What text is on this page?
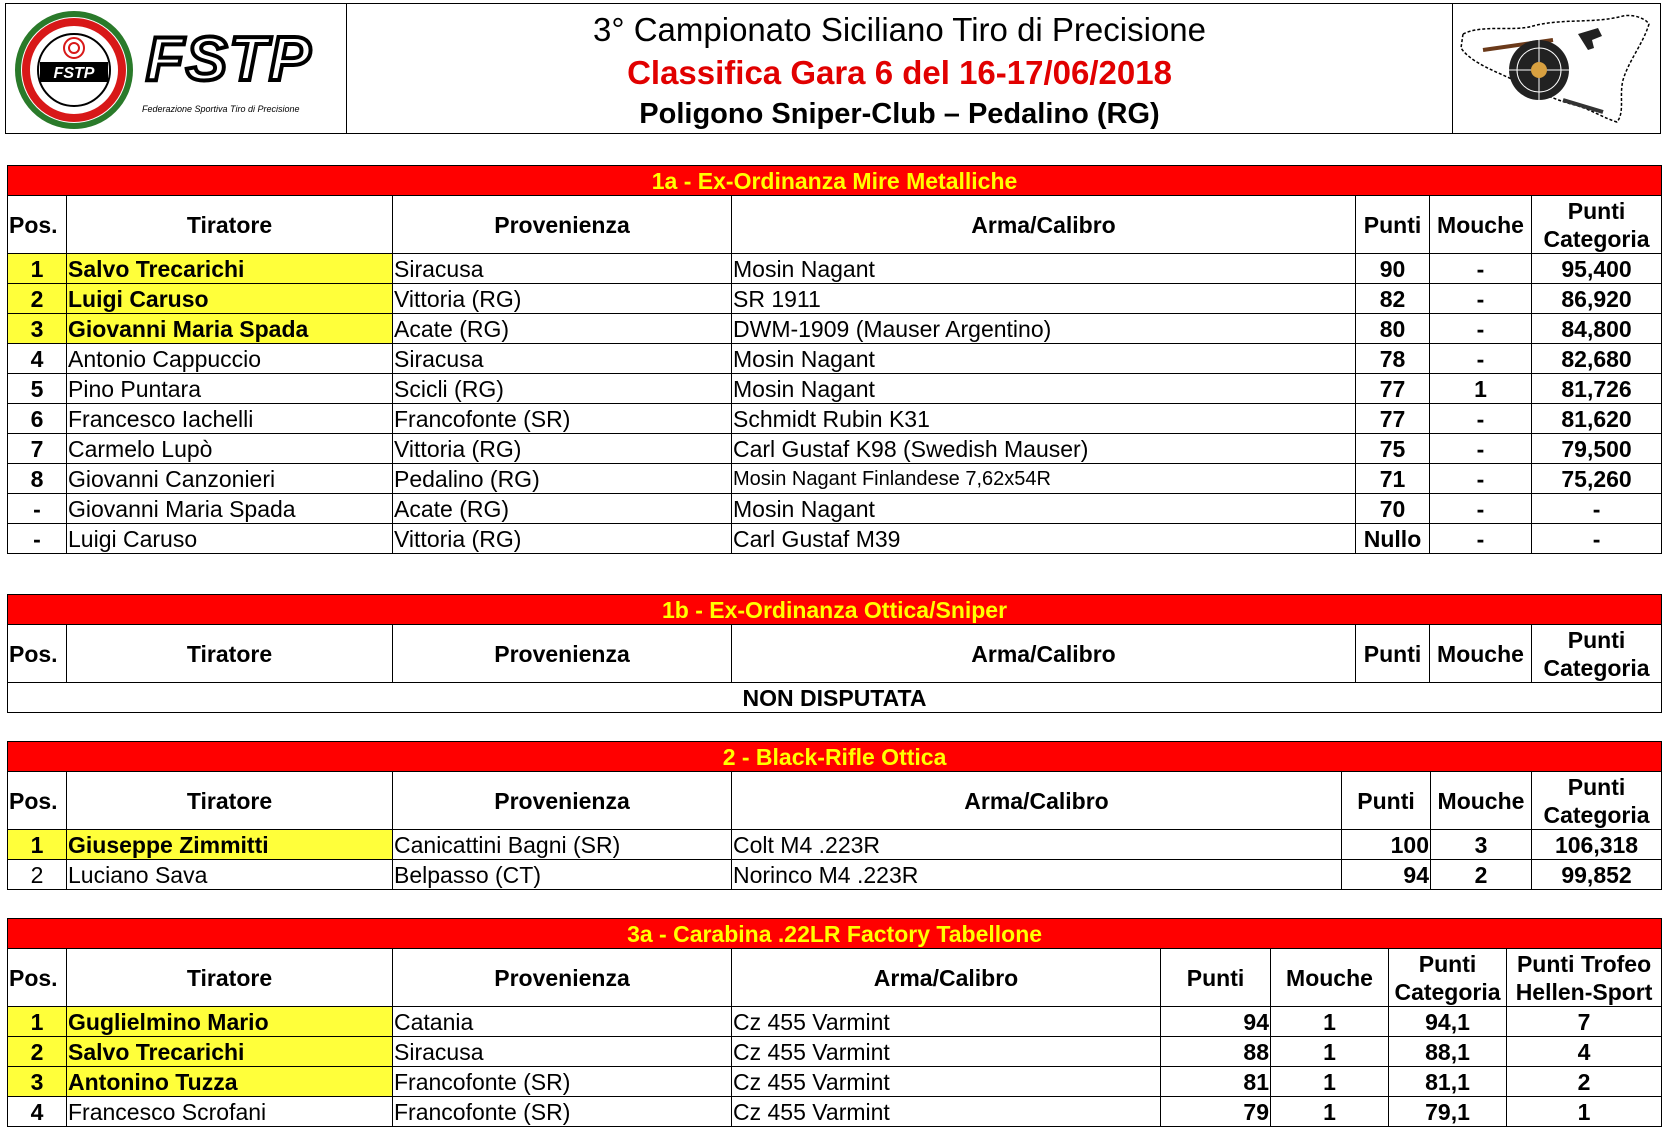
FSTP FSTP
Federazione Sportiva Tiro di Precisione
3° Campionato Siciliano Tiro di Precisione
Classifica Gara 6 del 16-17/06/2018
Poligono Sniper-Club – Pedalino (RG)
1a - Ex-Ordinanza Mire Metalliche						
Pos.	Tiratore	Provenienza	Arma/Calibro	Punti	Mouche	Punti
Categoria
1	Salvo Trecarichi	Siracusa	Mosin Nagant	90	-	95,400
2	Luigi Caruso	Vittoria (RG)	SR 1911	82	-	86,920
3	Giovanni Maria Spada	Acate (RG)	DWM-1909 (Mauser Argentino)	80	-	84,800
4	Antonio Cappuccio	Siracusa	Mosin Nagant	78	-	82,680
5	Pino Puntara	Scicli (RG)	Mosin Nagant	77	1	81,726
6	Francesco Iachelli	Francofonte (SR)	Schmidt Rubin K31	77	-	81,620
7	Carmelo Lupò	Vittoria (RG)	Carl Gustaf K98 (Swedish Mauser)	75	-	79,500
8	Giovanni Canzonieri	Pedalino (RG)	Mosin Nagant Finlandese 7,62x54R	71	-	75,260
-	Giovanni Maria Spada	Acate (RG)	Mosin Nagant	70	-	-
-	Luigi Caruso	Vittoria (RG)	Carl Gustaf M39	Nullo	-	-
1b - Ex-Ordinanza Ottica/Sniper
Pos.	Tiratore	Provenienza	Arma/Calibro	Punti	Mouche	Punti
Categoria
NON DISPUTATA
2 - Black-Rifle Ottica						
Pos.	Tiratore	Provenienza	Arma/Calibro	Punti	Mouche	Punti
Categoria
1	Giuseppe Zimmitti	Canicattini Bagni (SR)	Colt M4 .223R	100	3	106,318
2	Luciano Sava	Belpasso (CT)	Norinco M4 .223R	94	2	99,852
3a - Carabina .22LR Factory Tabellone							
Pos.	Tiratore	Provenienza	Arma/Calibro	Punti	Mouche	Punti
Categoria	Punti Trofeo
Hellen-Sport
1	Guglielmino Mario	Catania	Cz 455 Varmint	94	1	94,1	7
2	Salvo Trecarichi	Siracusa	Cz 455 Varmint	88	1	88,1	4
3	Antonino Tuzza	Francofonte (SR)	Cz 455 Varmint	81	1	81,1	2
4	Francesco Scrofani	Francofonte (SR)	Cz 455 Varmint	79	1	79,1	1
